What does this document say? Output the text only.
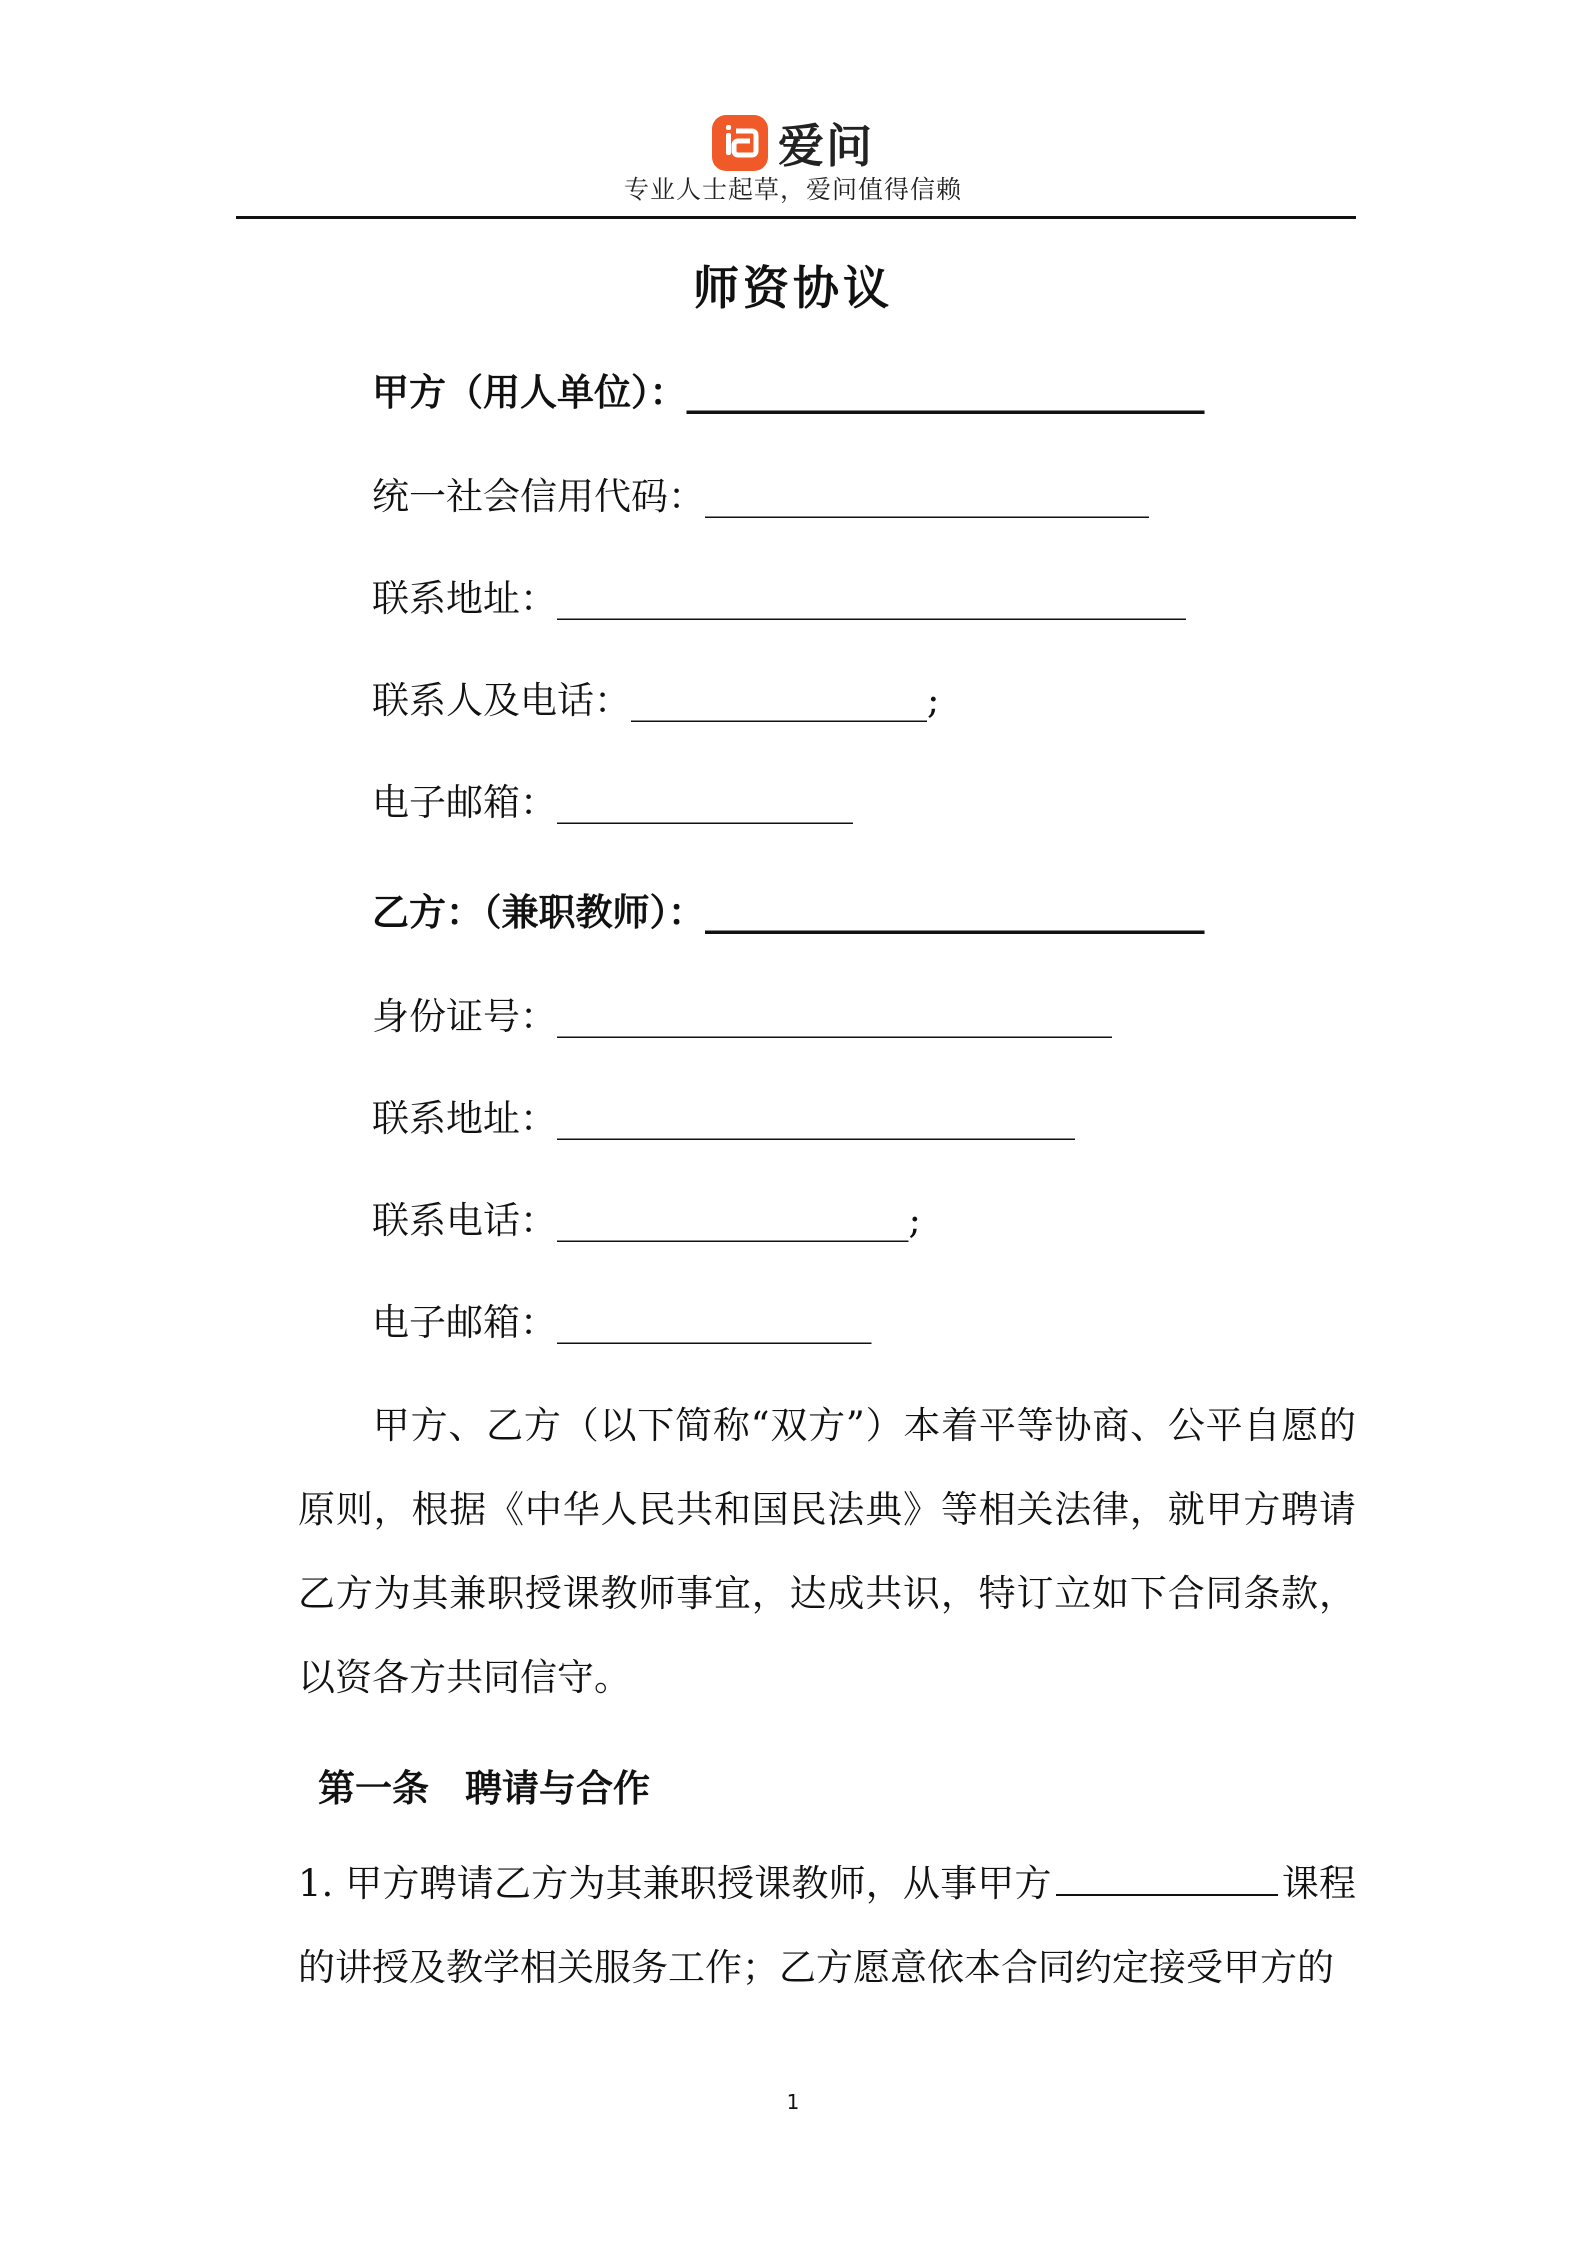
爱问
专业人士起草，爱问值得信赖
师资协议
甲方（用人单位）：____________________________
统一社会信用代码：________________________
联系地址：__________________________________
联系人及电话：________________;
电子邮箱：________________
乙方：（兼职教师）：___________________________
身份证号：______________________________
联系地址：____________________________
联系电话：___________________;
电子邮箱：_________________
甲方、乙方（以下简称“双方”）本着平等协商、公平自愿的原则，根据《中华人民共和国民法典》等相关法律，就甲方聘请乙方为其兼职授课教师事宜，达成共识，特订立如下合同条款，以资各方共同信守。
第一条 聘请与合作
1. 甲方聘请乙方为其兼职授课教师，从事甲方	课程的讲授及教学相关服务工作；乙方愿意依本合同约定接受甲方的
1
